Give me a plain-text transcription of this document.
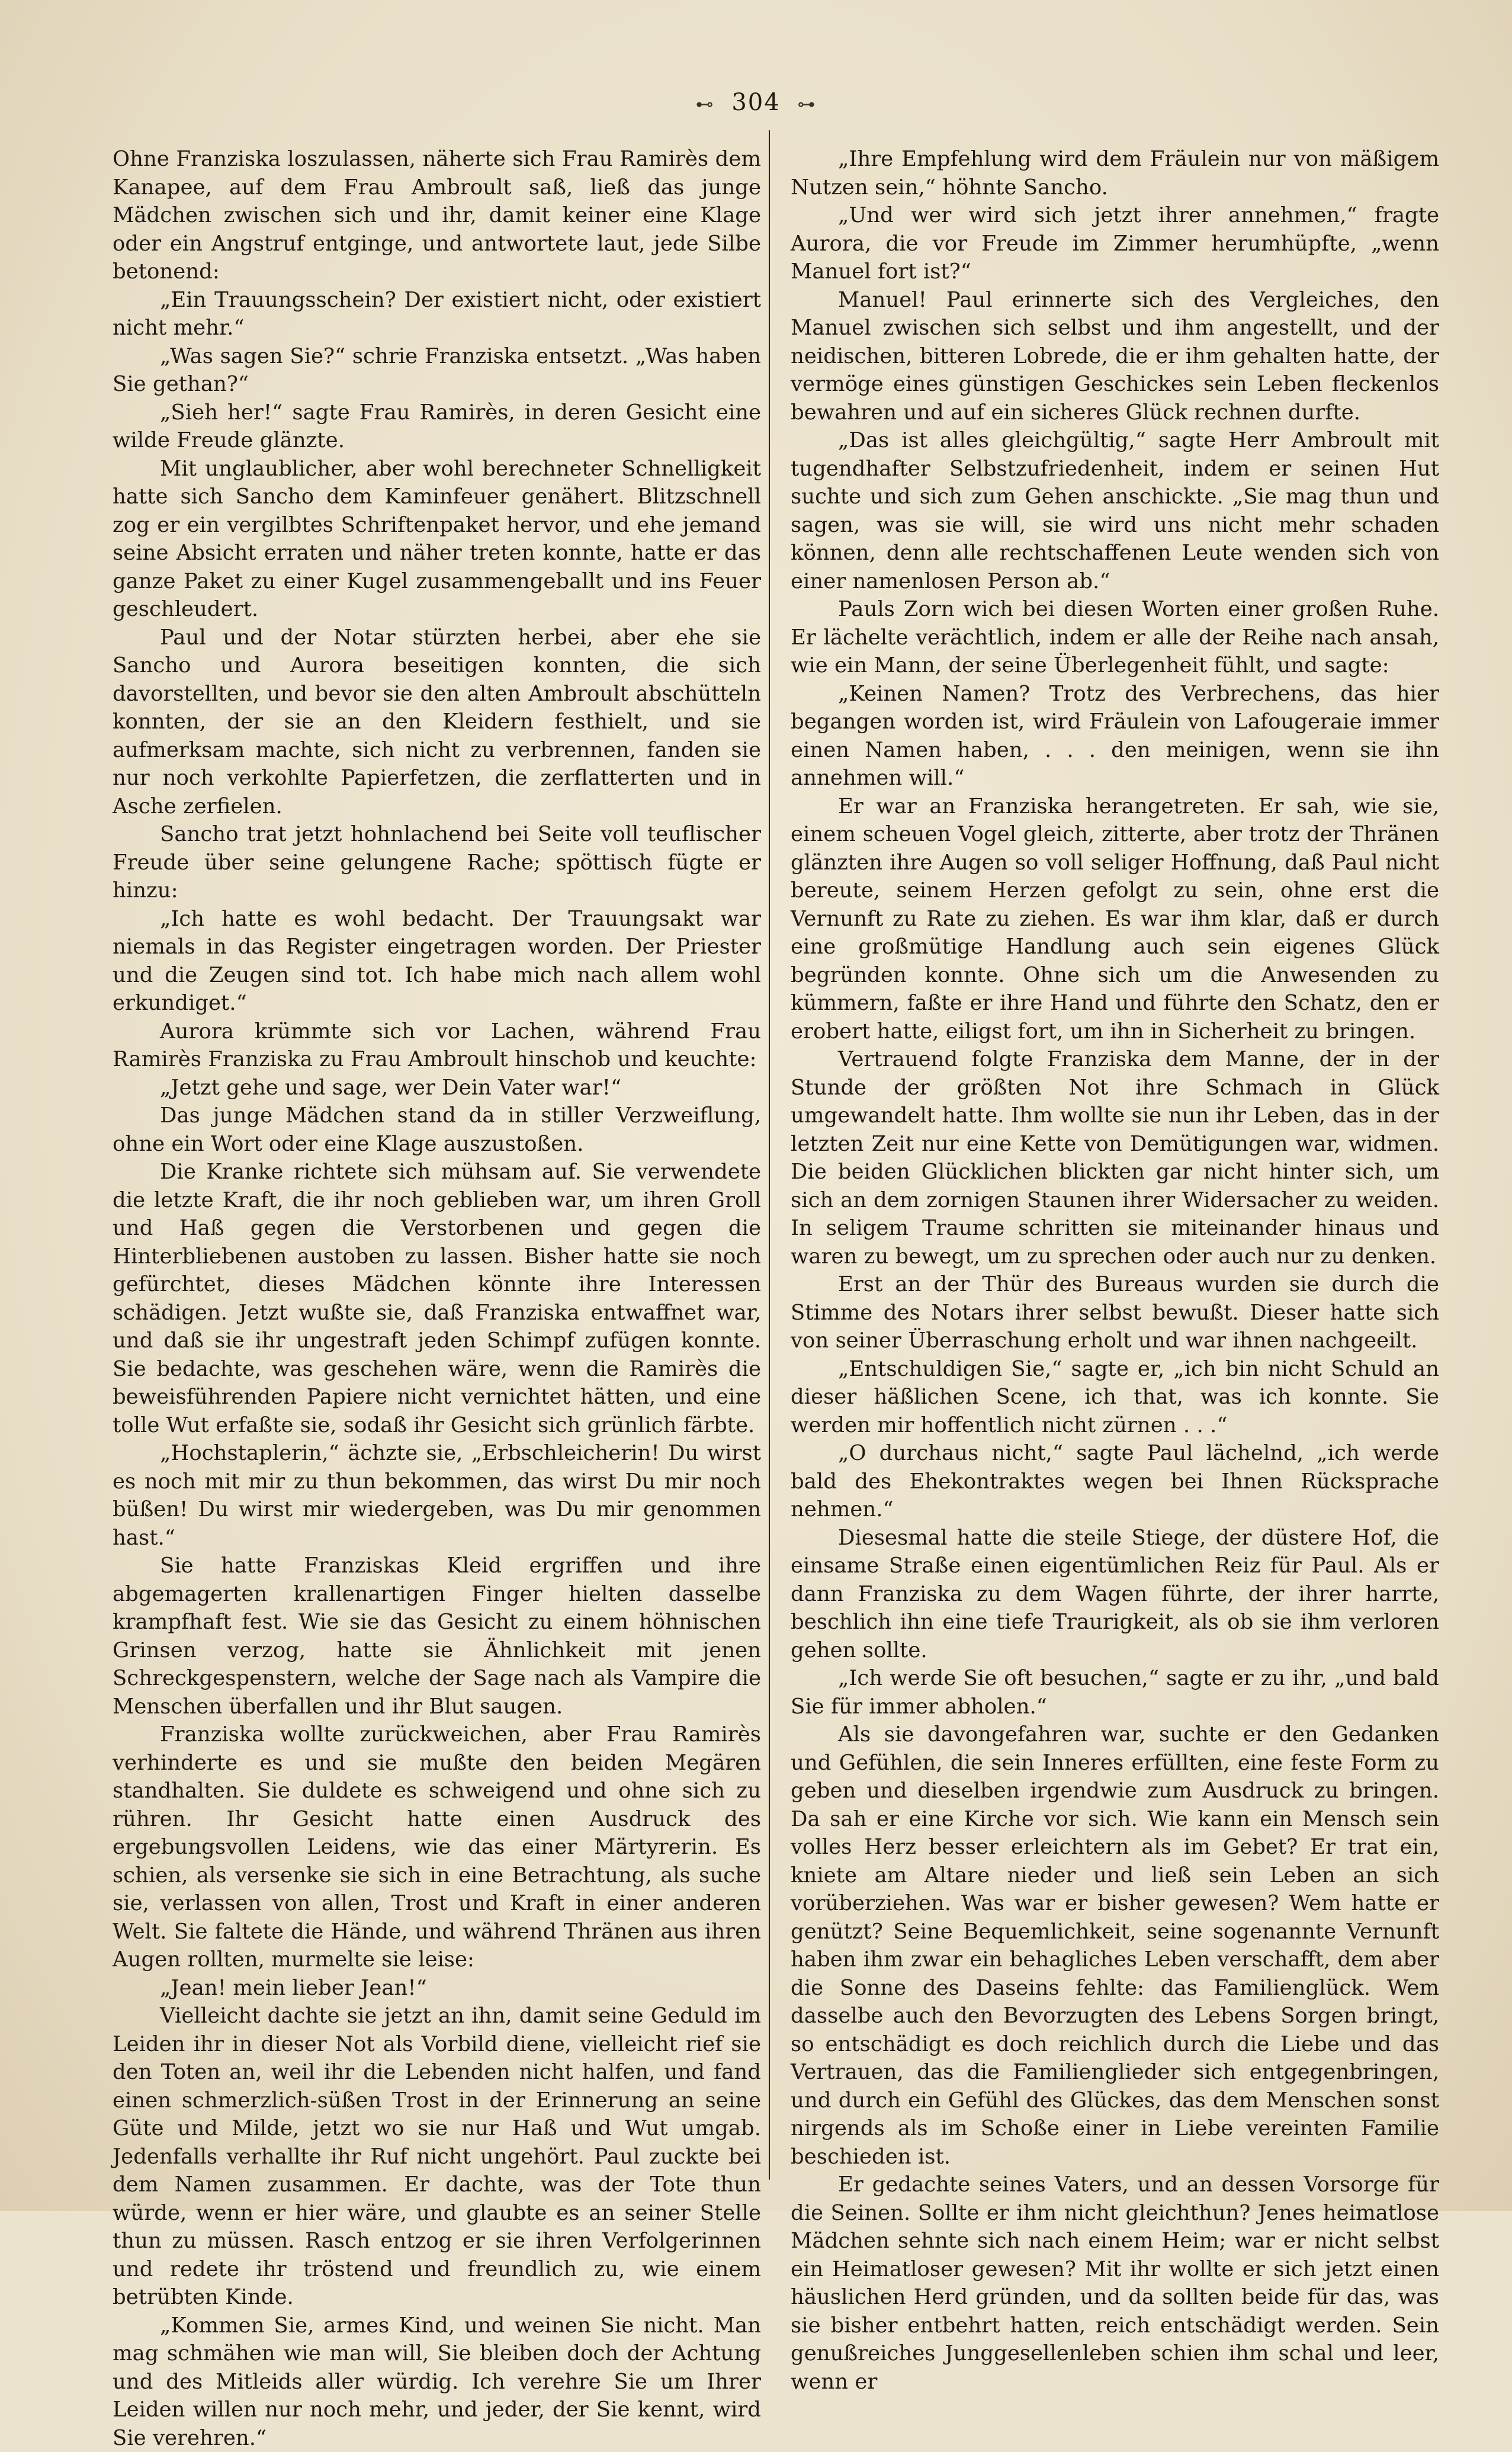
⊷ 304 ⊶

Ohne Franziska loszulassen, näherte sich Frau Ramirès dem Kanapee, auf dem Frau Ambroult saß, ließ das junge Mädchen zwischen sich und ihr, damit keiner eine Klage oder ein Angstruf entginge, und antwortete laut, jede Silbe betonend:

„Ein Trauungsschein? Der existiert nicht, oder existiert nicht mehr.“

„Was sagen Sie?“ schrie Franziska entsetzt. „Was haben Sie gethan?“

„Sieh her!“ sagte Frau Ramirès, in deren Gesicht eine wilde Freude glänzte.

Mit unglaublicher, aber wohl berechneter Schnelligkeit hatte sich Sancho dem Kaminfeuer genähert. Blitzschnell zog er ein vergilbtes Schriftenpaket hervor, und ehe jemand seine Absicht erraten und näher treten konnte, hatte er das ganze Paket zu einer Kugel zusammengeballt und ins Feuer geschleudert.

Paul und der Notar stürzten herbei, aber ehe sie Sancho und Aurora beseitigen konnten, die sich davorstellten, und bevor sie den alten Ambroult abschütteln konnten, der sie an den Kleidern festhielt, und sie aufmerksam machte, sich nicht zu verbrennen, fanden sie nur noch verkohlte Papierfetzen, die zerflatterten und in Asche zerfielen.

Sancho trat jetzt hohnlachend bei Seite voll teuflischer Freude über seine gelungene Rache; spöttisch fügte er hinzu:

„Ich hatte es wohl bedacht. Der Trauungsakt war niemals in das Register eingetragen worden. Der Priester und die Zeugen sind tot. Ich habe mich nach allem wohl erkundiget.“

Aurora krümmte sich vor Lachen, während Frau Ramirès Franziska zu Frau Ambroult hinschob und keuchte:

„Jetzt gehe und sage, wer Dein Vater war!“

Das junge Mädchen stand da in stiller Verzweiflung, ohne ein Wort oder eine Klage auszustoßen.

Die Kranke richtete sich mühsam auf. Sie verwendete die letzte Kraft, die ihr noch geblieben war, um ihren Groll und Haß gegen die Verstorbenen und gegen die Hinterbliebenen austoben zu lassen. Bisher hatte sie noch gefürchtet, dieses Mädchen könnte ihre Interessen schädigen. Jetzt wußte sie, daß Franziska entwaffnet war, und daß sie ihr ungestraft jeden Schimpf zufügen konnte. Sie bedachte, was geschehen wäre, wenn die Ramirès die beweisführenden Papiere nicht vernichtet hätten, und eine tolle Wut erfaßte sie, sodaß ihr Gesicht sich grünlich färbte.

„Hochstaplerin,“ ächzte sie, „Erbschleicherin! Du wirst es noch mit mir zu thun bekommen, das wirst Du mir noch büßen! Du wirst mir wiedergeben, was Du mir genommen hast.“

Sie hatte Franziskas Kleid ergriffen und ihre abgemagerten krallenartigen Finger hielten dasselbe krampfhaft fest. Wie sie das Gesicht zu einem höhnischen Grinsen verzog, hatte sie Ähnlichkeit mit jenen Schreckgespenstern, welche der Sage nach als Vampire die Menschen überfallen und ihr Blut saugen.

Franziska wollte zurückweichen, aber Frau Ramirès verhinderte es und sie mußte den beiden Megären standhalten. Sie duldete es schweigend und ohne sich zu rühren. Ihr Gesicht hatte einen Ausdruck des ergebungsvollen Leidens, wie das einer Märtyrerin. Es schien, als versenke sie sich in eine Betrachtung, als suche sie, verlassen von allen, Trost und Kraft in einer anderen Welt. Sie faltete die Hände, und während Thränen aus ihren Augen rollten, murmelte sie leise:

„Jean! mein lieber Jean!“

Vielleicht dachte sie jetzt an ihn, damit seine Geduld im Leiden ihr in dieser Not als Vorbild diene, vielleicht rief sie den Toten an, weil ihr die Lebenden nicht halfen, und fand einen schmerzlich-süßen Trost in der Erinnerung an seine Güte und Milde, jetzt wo sie nur Haß und Wut umgab. Jedenfalls verhallte ihr Ruf nicht ungehört. Paul zuckte bei dem Namen zusammen. Er dachte, was der Tote thun würde, wenn er hier wäre, und glaubte es an seiner Stelle thun zu müssen. Rasch entzog er sie ihren Verfolgerinnen und redete ihr tröstend und freundlich zu, wie einem betrübten Kinde.

„Kommen Sie, armes Kind, und weinen Sie nicht. Man mag schmähen wie man will, Sie bleiben doch der Achtung und des Mitleids aller würdig. Ich verehre Sie um Ihrer Leiden willen nur noch mehr, und jeder, der Sie kennt, wird Sie verehren.“

„Ihre Empfehlung wird dem Fräulein nur von mäßigem Nutzen sein,“ höhnte Sancho.

„Und wer wird sich jetzt ihrer annehmen,“ fragte Aurora, die vor Freude im Zimmer herumhüpfte, „wenn Manuel fort ist?“

Manuel! Paul erinnerte sich des Vergleiches, den Manuel zwischen sich selbst und ihm angestellt, und der neidischen, bitteren Lobrede, die er ihm gehalten hatte, der vermöge eines günstigen Geschickes sein Leben fleckenlos bewahren und auf ein sicheres Glück rechnen durfte.

„Das ist alles gleichgültig,“ sagte Herr Ambroult mit tugendhafter Selbstzufriedenheit, indem er seinen Hut suchte und sich zum Gehen anschickte. „Sie mag thun und sagen, was sie will, sie wird uns nicht mehr schaden können, denn alle rechtschaffenen Leute wenden sich von einer namenlosen Person ab.“

Pauls Zorn wich bei diesen Worten einer großen Ruhe. Er lächelte verächtlich, indem er alle der Reihe nach ansah, wie ein Mann, der seine Überlegenheit fühlt, und sagte:

„Keinen Namen? Trotz des Verbrechens, das hier begangen worden ist, wird Fräulein von Lafougeraie immer einen Namen haben, . . . den meinigen, wenn sie ihn annehmen will.“

Er war an Franziska herangetreten. Er sah, wie sie, einem scheuen Vogel gleich, zitterte, aber trotz der Thränen glänzten ihre Augen so voll seliger Hoffnung, daß Paul nicht bereute, seinem Herzen gefolgt zu sein, ohne erst die Vernunft zu Rate zu ziehen. Es war ihm klar, daß er durch eine großmütige Handlung auch sein eigenes Glück begründen konnte. Ohne sich um die Anwesenden zu kümmern, faßte er ihre Hand und führte den Schatz, den er erobert hatte, eiligst fort, um ihn in Sicherheit zu bringen.

Vertrauend folgte Franziska dem Manne, der in der Stunde der größten Not ihre Schmach in Glück umgewandelt hatte. Ihm wollte sie nun ihr Leben, das in der letzten Zeit nur eine Kette von Demütigungen war, widmen. Die beiden Glücklichen blickten gar nicht hinter sich, um sich an dem zornigen Staunen ihrer Widersacher zu weiden. In seligem Traume schritten sie miteinander hinaus und waren zu bewegt, um zu sprechen oder auch nur zu denken.

Erst an der Thür des Bureaus wurden sie durch die Stimme des Notars ihrer selbst bewußt. Dieser hatte sich von seiner Überraschung erholt und war ihnen nachgeeilt.

„Entschuldigen Sie,“ sagte er, „ich bin nicht Schuld an dieser häßlichen Scene, ich that, was ich konnte. Sie werden mir hoffentlich nicht zürnen . . .“

„O durchaus nicht,“ sagte Paul lächelnd, „ich werde bald des Ehekontraktes wegen bei Ihnen Rücksprache nehmen.“

Diesesmal hatte die steile Stiege, der düstere Hof, die einsame Straße einen eigentümlichen Reiz für Paul. Als er dann Franziska zu dem Wagen führte, der ihrer harrte, beschlich ihn eine tiefe Traurigkeit, als ob sie ihm verloren gehen sollte.

„Ich werde Sie oft besuchen,“ sagte er zu ihr, „und bald Sie für immer abholen.“

Als sie davongefahren war, suchte er den Gedanken und Gefühlen, die sein Inneres erfüllten, eine feste Form zu geben und dieselben irgendwie zum Ausdruck zu bringen. Da sah er eine Kirche vor sich. Wie kann ein Mensch sein volles Herz besser erleichtern als im Gebet? Er trat ein, kniete am Altare nieder und ließ sein Leben an sich vorüberziehen. Was war er bisher gewesen? Wem hatte er genützt? Seine Bequemlichkeit, seine sogenannte Vernunft haben ihm zwar ein behagliches Leben verschafft, dem aber die Sonne des Daseins fehlte: das Familienglück. Wem dasselbe auch den Bevorzugten des Lebens Sorgen bringt, so entschädigt es doch reichlich durch die Liebe und das Vertrauen, das die Familienglieder sich entgegenbringen, und durch ein Gefühl des Glückes, das dem Menschen sonst nirgends als im Schoße einer in Liebe vereinten Familie beschieden ist.

Er gedachte seines Vaters, und an dessen Vorsorge für die Seinen. Sollte er ihm nicht gleichthun? Jenes heimatlose Mädchen sehnte sich nach einem Heim; war er nicht selbst ein Heimatloser gewesen? Mit ihr wollte er sich jetzt einen häuslichen Herd gründen, und da sollten beide für das, was sie bisher entbehrt hatten, reich entschädigt werden. Sein genußreiches Junggesellenleben schien ihm schal und leer, wenn er
